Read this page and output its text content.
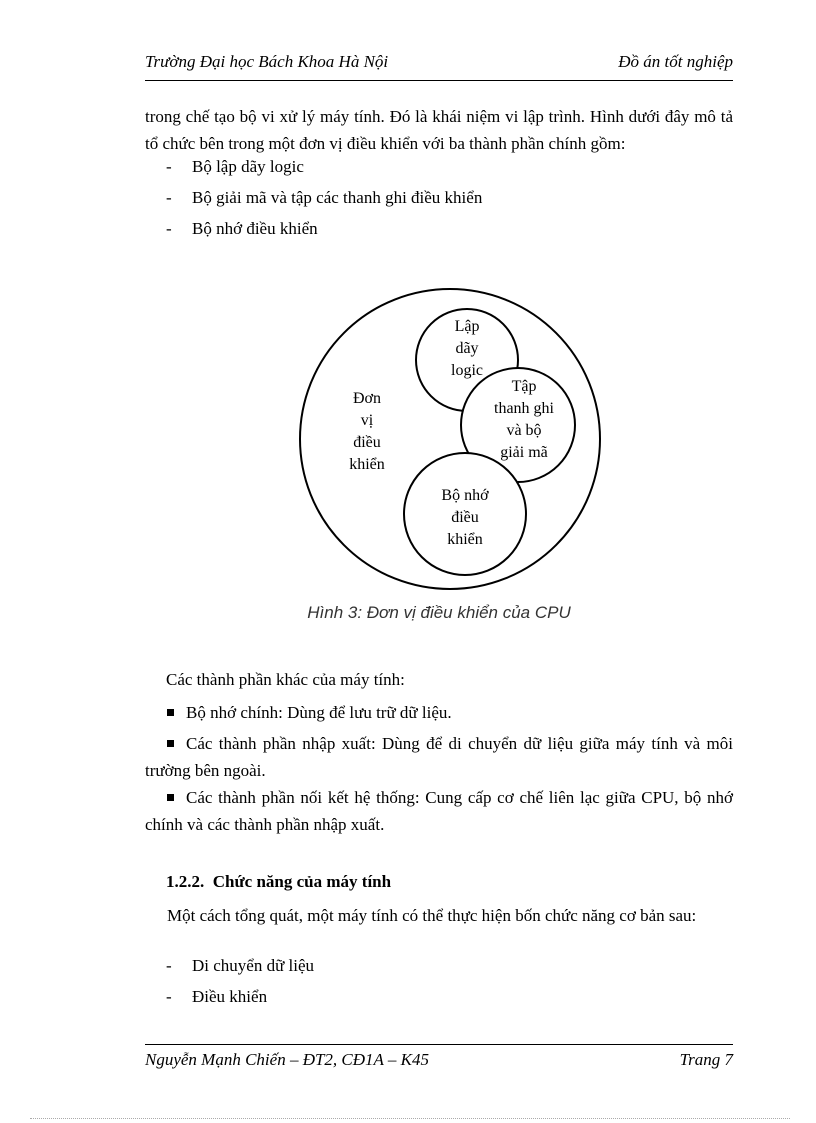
Trường Đại học Bách Khoa Hà Nội	Đồ án tốt nghiệp
trong chế tạo bộ vi xử lý máy tính. Đó là khái niệm vi lập trình. Hình dưới đây mô tả tổ chức bên trong một đơn vị điều khiển với ba thành phần chính gồm:
- Bộ lập dãy logic
- Bộ giải mã và tập các thanh ghi điều khiển
- Bộ nhớ điều khiển
Đơn
vị
điều
khiển
Lập
dãy
logic
Tập
thanh ghi
và bộ
giải mã
Bộ nhớ
điều
khiển
Hình 3: Đơn vị điều khiển của CPU
Các thành phần khác của máy tính:
Bộ nhớ chính: Dùng để lưu trữ dữ liệu.
Các thành phần nhập xuất: Dùng để di chuyển dữ liệu giữa máy tính và môi trường bên ngoài.
Các thành phần nối kết hệ thống: Cung cấp cơ chế liên lạc giữa CPU, bộ nhớ chính và các thành phần nhập xuất.
1.2.2. Chức năng của máy tính
Một cách tổng quát, một máy tính có thể thực hiện bốn chức năng cơ bản sau:
- Di chuyển dữ liệu
- Điều khiển
Nguyễn Mạnh Chiến – ĐT2, CĐ1A – K45	Trang 7
